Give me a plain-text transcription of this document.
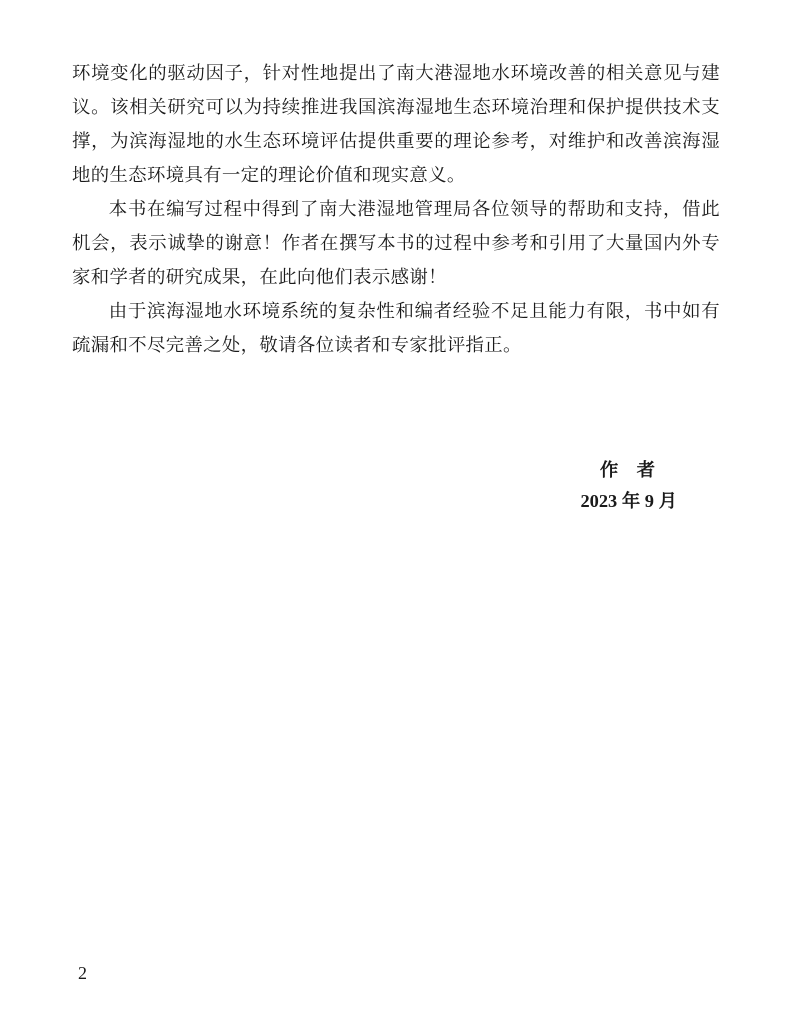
环境变化的驱动因子，针对性地提出了南大港湿地水环境改善的相关意见与建议。该相关研究可以为持续推进我国滨海湿地生态环境治理和保护提供技术支撑，为滨海湿地的水生态环境评估提供重要的理论参考，对维护和改善滨海湿地的生态环境具有一定的理论价值和现实意义。

本书在编写过程中得到了南大港湿地管理局各位领导的帮助和支持，借此机会，表示诚挚的谢意！作者在撰写本书的过程中参考和引用了大量国内外专家和学者的研究成果，在此向他们表示感谢！

由于滨海湿地水环境系统的复杂性和编者经验不足且能力有限，书中如有疏漏和不尽完善之处，敬请各位读者和专家批评指正。

作　者
2023 年 9 月
2
